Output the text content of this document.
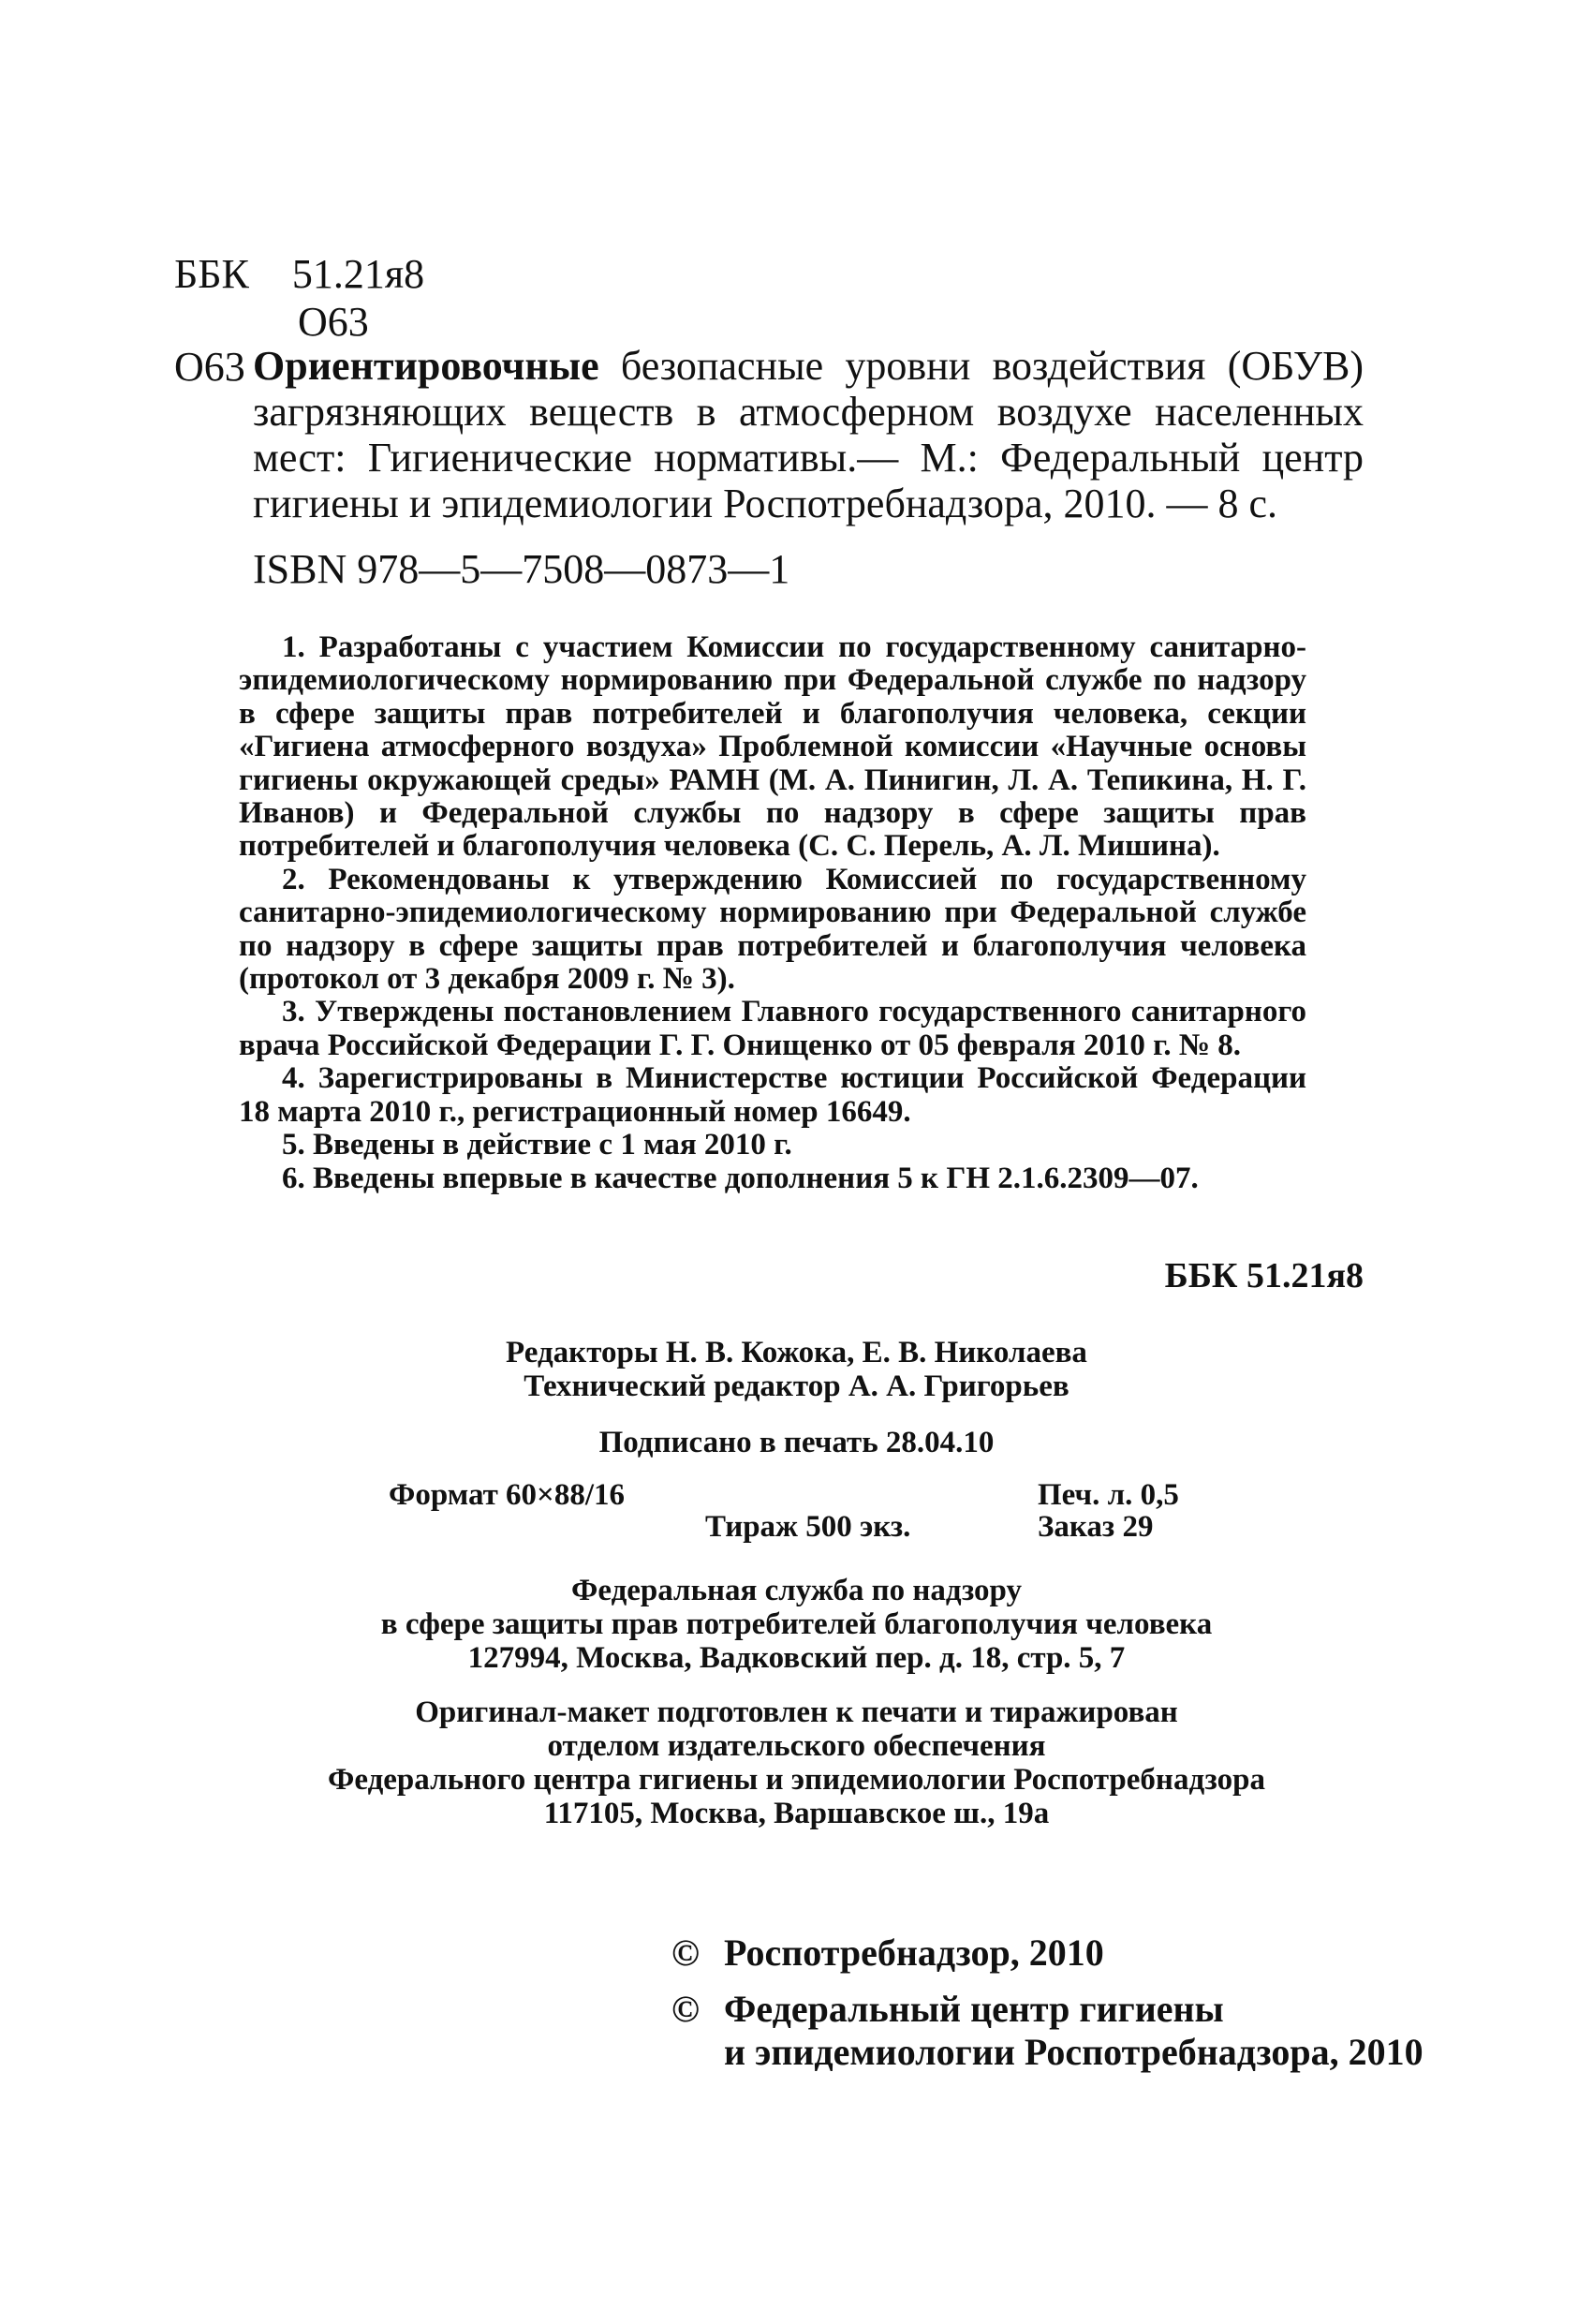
ББК 51.21я8
О63
О63 Ориентировочные безопасные уровни воздействия (ОБУВ) загрязняющих веществ в атмосферном воздухе населенных мест: Гигиенические нормативы.— М.: Федеральный центр гигиены и эпидемиологии Роспотребнадзора, 2010. — 8 с.
ISBN 978—5—7508—0873—1

1. Разработаны с участием Комиссии по государственному санитарно-эпидемиологическому нормированию при Федеральной службе по надзору в сфере защиты прав потребителей и благополучия человека, секции «Гигиена атмосферного воздуха» Проблемной комиссии «Научные основы гигиены окружающей среды» РАМН (М. А. Пинигин, Л. А. Тепикина, Н. Г. Иванов) и Федеральной службы по надзору в сфере защиты прав потребителей и благополучия человека (С. С. Перель, А. Л. Мишина).

2. Рекомендованы к утверждению Комиссией по государственному санитарно-эпидемиологическому нормированию при Федеральной службе по надзору в сфере защиты прав потребителей и благополучия человека (протокол от 3 декабря 2009 г. № 3).

3. Утверждены постановлением Главного государственного санитарного врача Российской Федерации Г. Г. Онищенко от 05 февраля 2010 г. № 8.

4. Зарегистрированы в Министерстве юстиции Российской Федерации 18 марта 2010 г., регистрационный номер 16649.

5. Введены в действие с 1 мая 2010 г.

6. Введены впервые в качестве дополнения 5 к ГН 2.1.6.2309—07.

ББК 51.21я8
Редакторы Н. В. Кожока, Е. В. Николаева
Технический редактор А. А. Григорьев
Подписано в печать 28.04.10
Формат 60×88/16	Печ. л. 0,5
Тираж 500 экз.	Заказ 29
Федеральная служба по надзору
в сфере защиты прав потребителей благополучия человека
127994, Москва, Вадковский пер. д. 18, стр. 5, 7
Оригинал-макет подготовлен к печати и тиражирован
отделом издательского обеспечения
Федерального центра гигиены и эпидемиологии Роспотребнадзора
117105, Москва, Варшавское ш., 19а
© Роспотребнадзор, 2010
© Федеральный центр гигиены
и эпидемиологии Роспотребнадзора, 2010
